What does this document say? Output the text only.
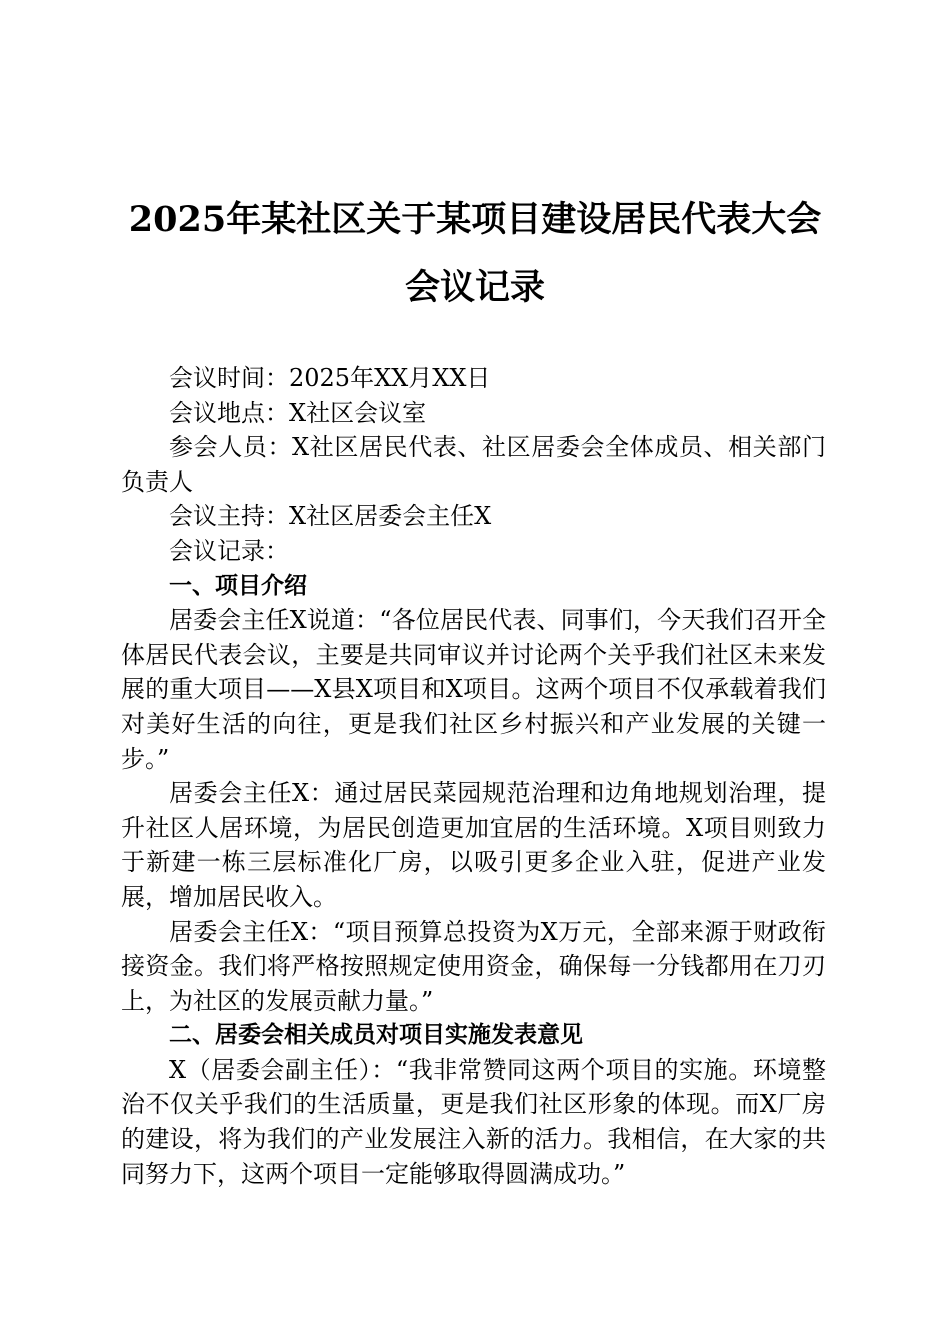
2025年某社区关于某项目建设居民代表大会
会议记录

会议时间：2025年XX月XX日

会议地点：X社区会议室

参会人员：X社区居民代表、社区居委会全体成员、相关部门负责人

会议主持：X社区居委会主任X

会议记录：

一、项目介绍

居委会主任X说道：“各位居民代表、同事们，今天我们召开全体居民代表会议，主要是共同审议并讨论两个关乎我们社区未来发展的重大项目——X县X项目和X项目。这两个项目不仅承载着我们对美好生活的向往，更是我们社区乡村振兴和产业发展的关键一步。”

居委会主任X：通过居民菜园规范治理和边角地规划治理，提升社区人居环境，为居民创造更加宜居的生活环境。X项目则致力于新建一栋三层标准化厂房，以吸引更多企业入驻，促进产业发展，增加居民收入。

居委会主任X：“项目预算总投资为X万元，全部来源于财政衔接资金。我们将严格按照规定使用资金，确保每一分钱都用在刀刃上，为社区的发展贡献力量。”

二、居委会相关成员对项目实施发表意见

X（居委会副主任）：“我非常赞同这两个项目的实施。环境整治不仅关乎我们的生活质量，更是我们社区形象的体现。而X厂房的建设，将为我们的产业发展注入新的活力。我相信，在大家的共同努力下，这两个项目一定能够取得圆满成功。”
